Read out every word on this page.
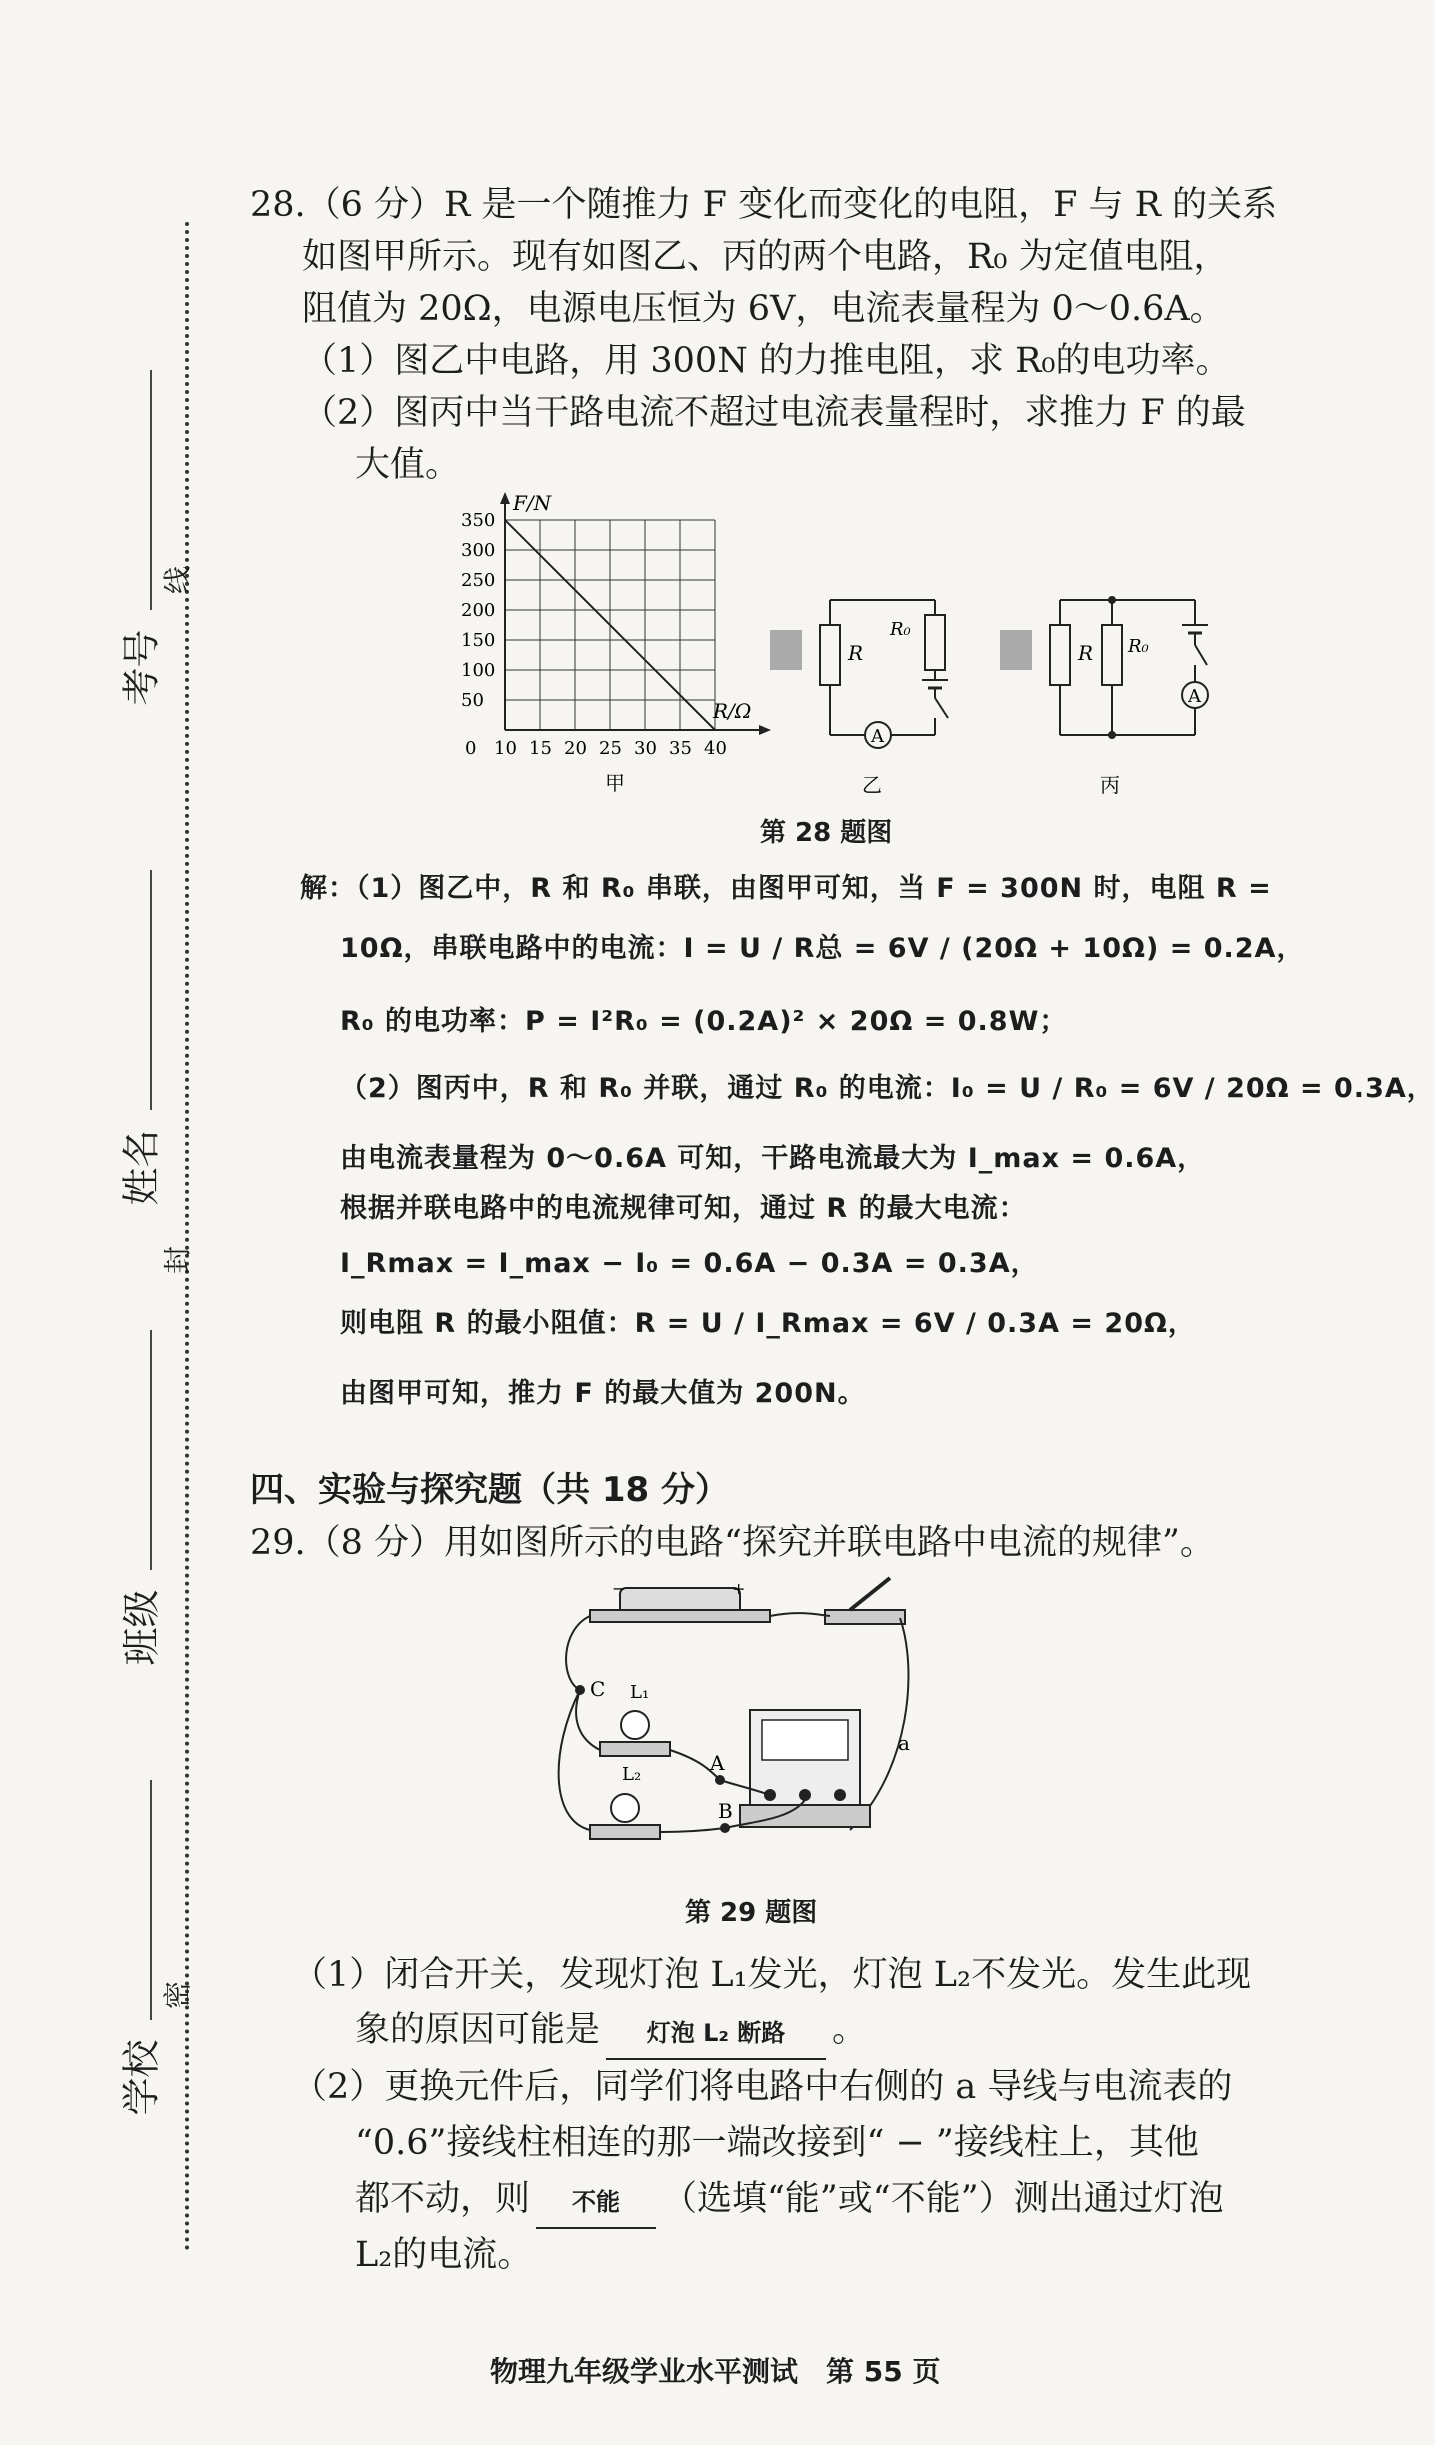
考号
线
姓名
封
班级
学校
密
28.（6 分）R 是一个随推力 F 变化而变化的电阻，F 与 R 的关系
如图甲所示。现有如图乙、丙的两个电路，R₀ 为定值电阻，
阻值为 20Ω，电源电压恒为 6V，电流表量程为 0～0.6A。
（1）图乙中电路，用 300N 的力推电阻，求 R₀的电功率。
（2）图丙中当干路电流不超过电流表量程时，求推力 F 的最
大值。
10 15 20 25 30 35 40
0
50
100
150
200
250
300
350
F/N
R/Ω
甲
R
A
R₀
乙
R R₀
A
丙
第 28 题图
解：（1）图乙中，R 和 R₀ 串联，由图甲可知，当 F = 300N 时，电阻 R =
10Ω，串联电路中的电流：I = U / R总 = 6V / (20Ω + 10Ω) = 0.2A，
R₀ 的电功率：P = I²R₀ = (0.2A)² × 20Ω = 0.8W；
（2）图丙中，R 和 R₀ 并联，通过 R₀ 的电流：I₀ = U / R₀ = 6V / 20Ω = 0.3A，
由电流表量程为 0～0.6A 可知，干路电流最大为 I_max = 0.6A，
根据并联电路中的电流规律可知，通过 R 的最大电流：
I_Rmax = I_max − I₀ = 0.6A − 0.3A = 0.3A，
则电阻 R 的最小阻值：R = U / I_Rmax = 6V / 0.3A = 20Ω，
由图甲可知，推力 F 的最大值为 200N。
四、实验与探究题（共 18 分）
29.（8 分）用如图所示的电路“探究并联电路中电流的规律”。
−	+
C L₁
L₂	A
B
a
第 29 题图
（1）闭合开关，发现灯泡 L₁发光，灯泡 L₂不发光。发生此现
象的原因可能是 灯泡 L₂ 断路 。
（2）更换元件后，同学们将电路中右侧的 a 导线与电流表的
“0.6”接线柱相连的那一端改接到“ − ”接线柱上，其他
都不动，则 不能 （选填“能”或“不能”）测出通过灯泡
L₂的电流。
物理九年级学业水平测试　第 55 页
